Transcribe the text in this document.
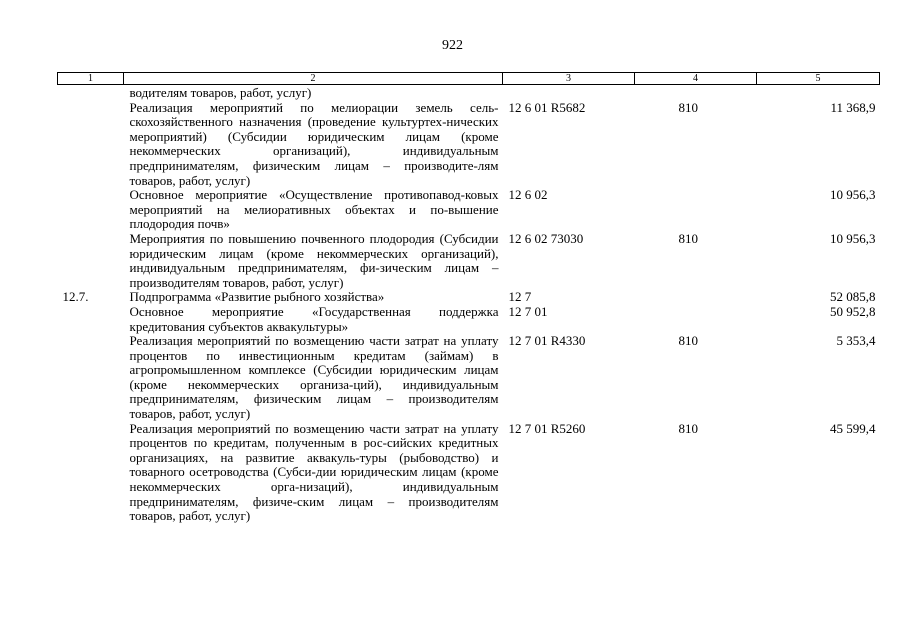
922
1	2	3	4	5
	водителям товаров, работ, услуг)			
	Реализация мероприятий по мелиорации земель сель-скохозяйственного назначения (проведение культуртех-нических мероприятий) (Субсидии юридическим лицам (кроме некоммерческих организаций), индивидуальным предпринимателям, физическим лицам – производите-лям товаров, работ, услуг)	12 6 01 R5682	810	11 368,9
	Основное мероприятие «Осуществление противопавод-ковых мероприятий на мелиоративных объектах и по-вышение плодородия почв»	12 6 02		10 956,3
	Мероприятия по повышению почвенного плодородия (Субсидии юридическим лицам (кроме некоммерческих организаций), индивидуальным предпринимателям, фи-зическим лицам – производителям товаров, работ, услуг)	12 6 02 73030	810	10 956,3
12.7.	Подпрограмма «Развитие рыбного хозяйства»	12 7		52 085,8
	Основное мероприятие «Государственная поддержка кредитования субъектов аквакультуры»	12 7 01		50 952,8
	Реализация мероприятий по возмещению части затрат на уплату процентов по инвестиционным кредитам (займам) в агропромышленном комплексе (Субсидии юридическим лицам (кроме некоммерческих организа-ций), индивидуальным предпринимателям, физическим лицам – производителям товаров, работ, услуг)	12 7 01 R4330	810	5 353,4
	Реализация мероприятий по возмещению части затрат на уплату процентов по кредитам, полученным в рос-сийских кредитных организациях, на развитие аквакуль-туры (рыбоводство) и товарного осетроводства (Субси-дии юридическим лицам (кроме некоммерческих орга-низаций), индивидуальным предпринимателям, физиче-ским лицам – производителям товаров, работ, услуг)	12 7 01 R5260	810	45 599,4
